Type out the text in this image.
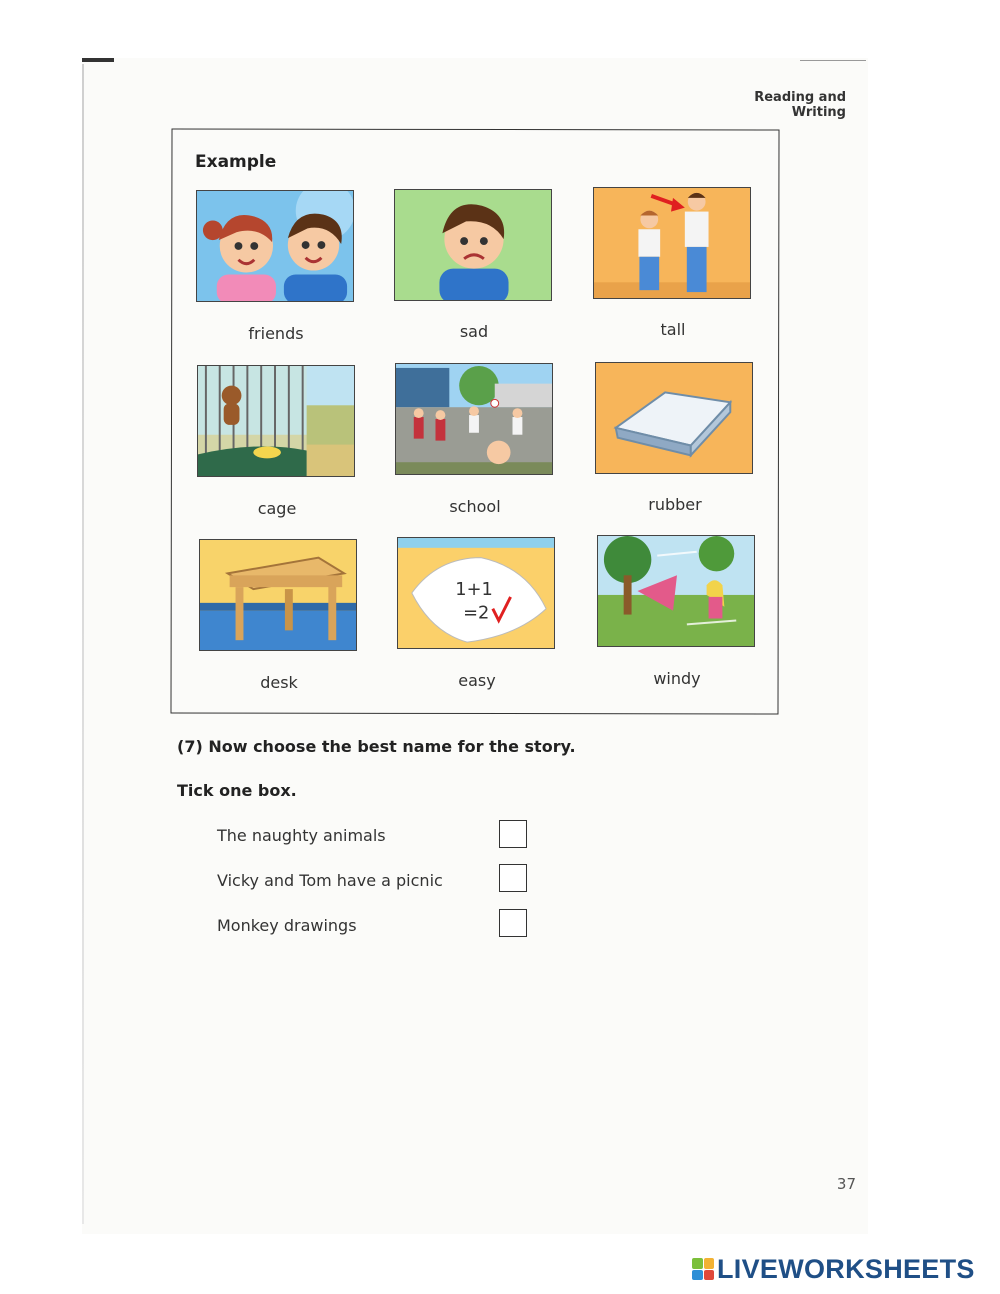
Reading and Writing
Example
friends	sad	tall
cage	school	rubber
1+1
=2
desk	easy	windy
(7) Now choose the best name for the story.
Tick one box.
The naughty animals
Vicky and Tom have a picnic
Monkey drawings
37
LIVEWORKSHEETS
